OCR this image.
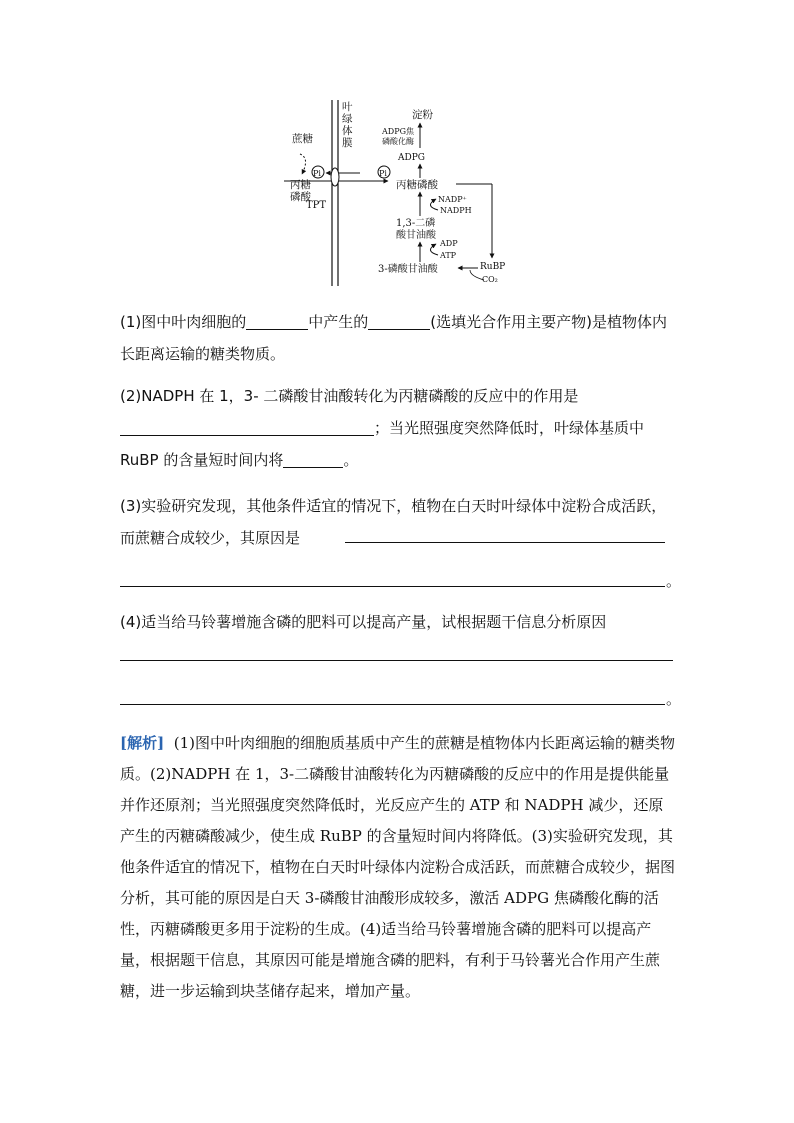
叶
绿
体
膜
蔗糖
丙糖
磷酸
Pi
TPT
Pi
淀粉
ADPG焦
磷酸化酶
ADPG
丙糖磷酸
NADP⁺
NADPH
1,3-二磷
酸甘油酸
ADP
ATP
3-磷酸甘油酸	RuBP
CO₂

(1)图中叶肉细胞的	中产生的	(选填光合作用主要产物)是植物体内长距离运输的糖类物质。

(2)NADPH 在 1，3- 二磷酸甘油酸转化为丙糖磷酸的反应中的作用是；当光照强度突然降低时，叶绿体基质中 RuBP 的含量短时间内将	。

(3)实验研究发现，其他条件适宜的情况下，植物在白天时叶绿体中淀粉合成活跃，而蔗糖合成较少，其原因是

。

(4)适当给马铃薯增施含磷的肥料可以提高产量，试根据题干信息分析原因

。

[解析] (1)图中叶肉细胞的细胞质基质中产生的蔗糖是植物体内长距离运输的糖类物质。(2)NADPH 在 1，3-二磷酸甘油酸转化为丙糖磷酸的反应中的作用是提供能量并作还原剂；当光照强度突然降低时，光反应产生的 ATP 和 NADPH 减少，还原产生的丙糖磷酸减少，使生成 RuBP 的含量短时间内将降低。(3)实验研究发现，其他条件适宜的情况下，植物在白天时叶绿体内淀粉合成活跃，而蔗糖合成较少，据图分析，其可能的原因是白天 3-磷酸甘油酸形成较多，激活 ADPG 焦磷酸化酶的活性，丙糖磷酸更多用于淀粉的生成。(4)适当给马铃薯增施含磷的肥料可以提高产量，根据题干信息，其原因可能是增施含磷的肥料，有利于马铃薯光合作用产生蔗糖，进一步运输到块茎储存起来，增加产量。
